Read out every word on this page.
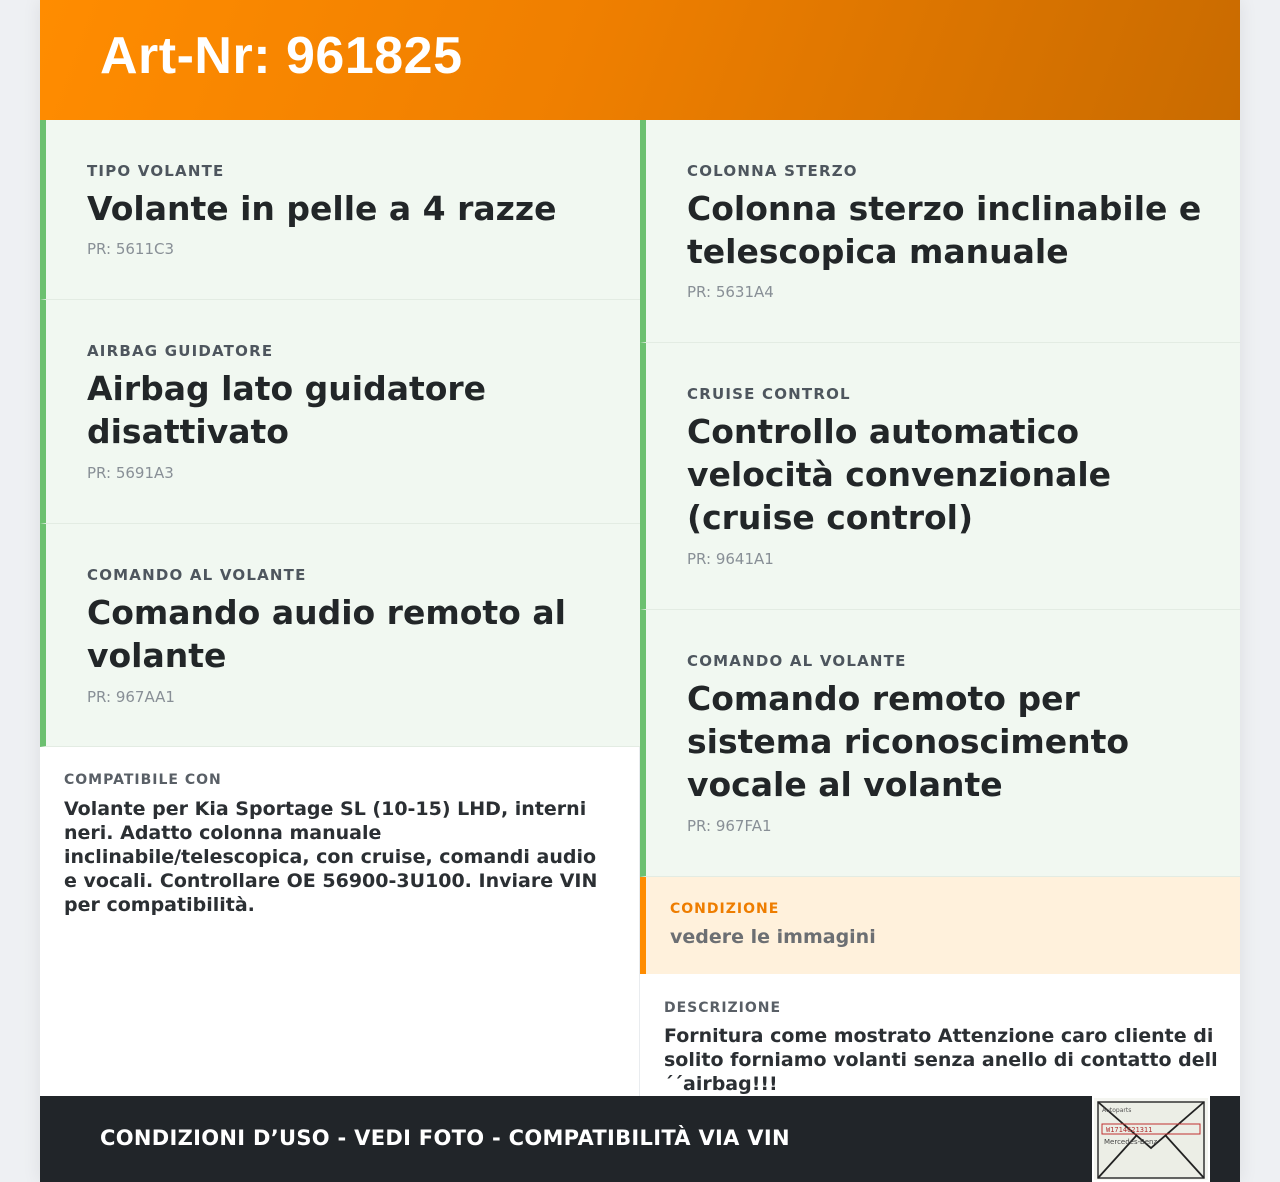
Art-Nr: 961825
TIPO VOLANTE
Volante in pelle a 4 razze
PR: 5611C3
AIRBAG GUIDATORE
Airbag lato guidatore disattivato
PR: 5691A3
COMANDO AL VOLANTE
Comando audio remoto al volante
PR: 967AA1
COMPATIBILE CON
Volante per Kia Sportage SL (10-15) LHD, interni neri. Adatto colonna manuale inclinabile/telescopica, con cruise, comandi audio e vocali. Controllare OE 56900-3U100. Inviare VIN per compatibilità.
COLONNA STERZO
Colonna sterzo inclinabile e telescopica manuale
PR: 5631A4
CRUISE CONTROL
Controllo automatico velocità convenzionale (cruise control)
PR: 9641A1
COMANDO AL VOLANTE
Comando remoto per sistema riconoscimento vocale al volante
PR: 967FA1
CONDIZIONE
vedere le immagini
DESCRIZIONE
Fornitura come mostrato Attenzione caro cliente di solito forniamo volanti senza anello di contatto dell´´airbag!!!
CONDIZIONI D’USO - VEDI FOTO - COMPATIBILITÀ VIA VIN
Autoparts
W1714621311
Mercedes-Benz
